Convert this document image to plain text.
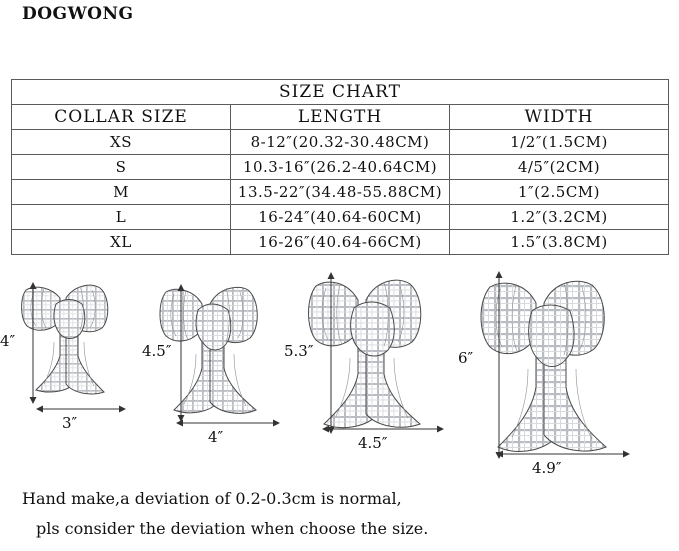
DOGWONG
SIZE CHART		
COLLAR SIZE	LENGTH	WIDTH
XS	8-12″(20.32-30.48CM)	1/2″(1.5CM)
S	10.3-16″(26.2-40.64CM)	4/5″(2CM)
M	13.5-22″(34.48-55.88CM)	1″(2.5CM)
L	16-24″(40.64-60CM)	1.2″(3.2CM)
XL	16-26″(40.64-66CM)	1.5″(3.8CM)
4″
3″
4.5″
4″
5.3″
4.5″
6″
4.9″
Hand make,a deviation of 0.2-0.3cm is normal,
pls consider the deviation when choose the size.
